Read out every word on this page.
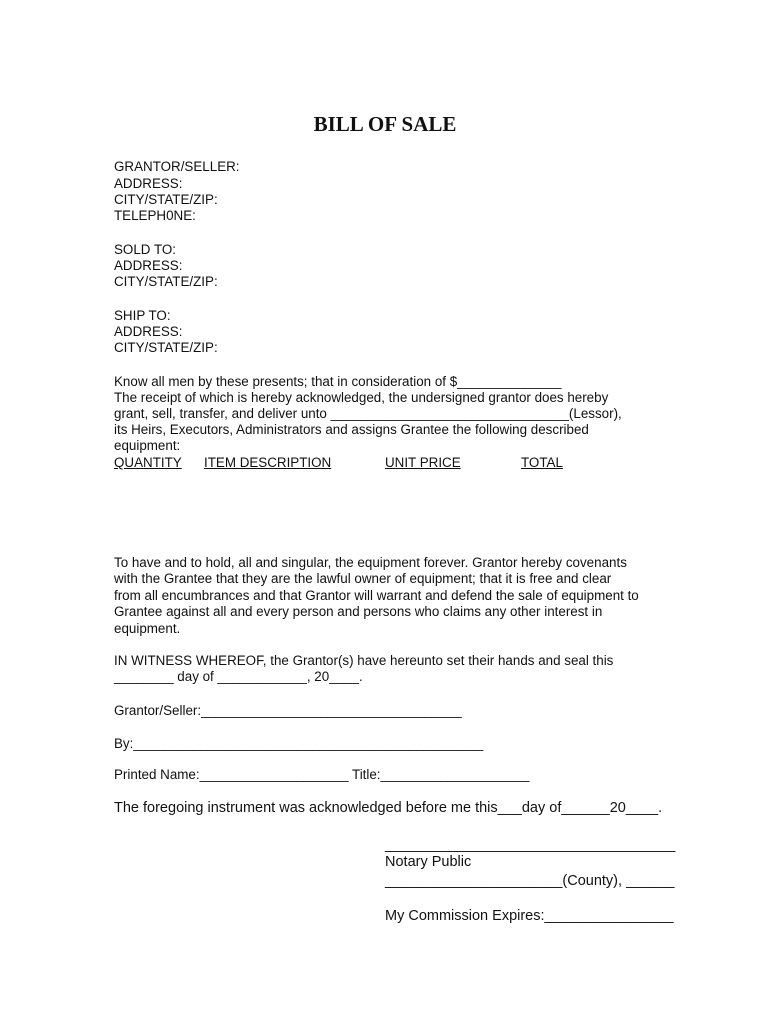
BILL OF SALE
GRANTOR/SELLER:
ADDRESS:
CITY/STATE/ZIP:
TELEPH0NE:
SOLD TO:
ADDRESS:
CITY/STATE/ZIP:
SHIP TO:
ADDRESS:
CITY/STATE/ZIP:
Know all men by these presents; that in consideration of $______________
The receipt of which is hereby acknowledged, the undersigned grantor does hereby
grant, sell, transfer, and deliver unto ________________________________(Lessor),
its Heirs, Executors, Administrators and assigns Grantee the following described
equipment:
QUANTITY ITEM DESCRIPTION	UNIT PRICE	TOTAL
To have and to hold, all and singular, the equipment forever. Grantor hereby covenants
with the Grantee that they are the lawful owner of equipment; that it is free and clear
from all encumbrances and that Grantor will warrant and defend the sale of equipment to
Grantee against all and every person and persons who claims any other interest in
equipment.
IN WITNESS WHEREOF, the Grantor(s) have hereunto set their hands and seal this
________ day of ____________, 20____.
Grantor/Seller:___________________________________
By:_______________________________________________
Printed Name:____________________ Title:____________________
The foregoing instrument was acknowledged before me this___day of______20____.
____________________________________
Notary Public
______________________(County), ______
My Commission Expires:________________
